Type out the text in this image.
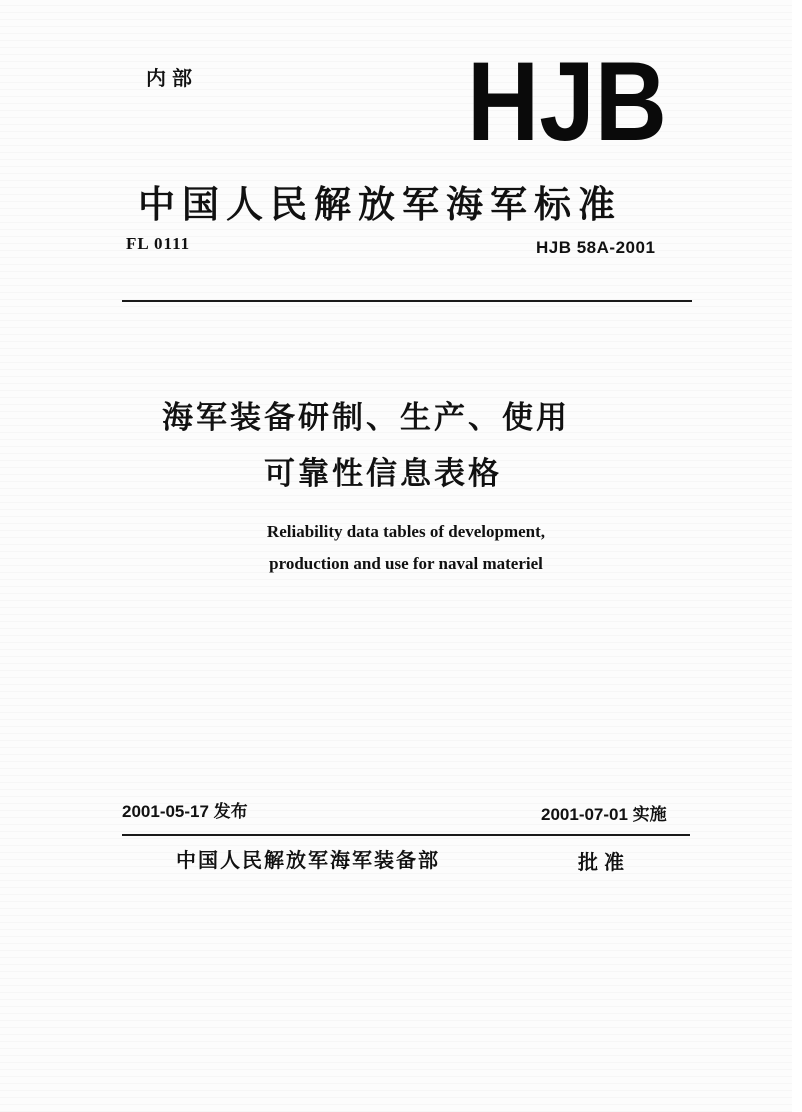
内部 HJB
中国人民解放军海军标准
FL 0111	HJB 58A-2001
海军装备研制、生产、使用
可靠性信息表格
Reliability data tables of development,
production and use for naval materiel
2001-05-17 发布	2001-07-01 实施
中国人民解放军海军装备部	批准
